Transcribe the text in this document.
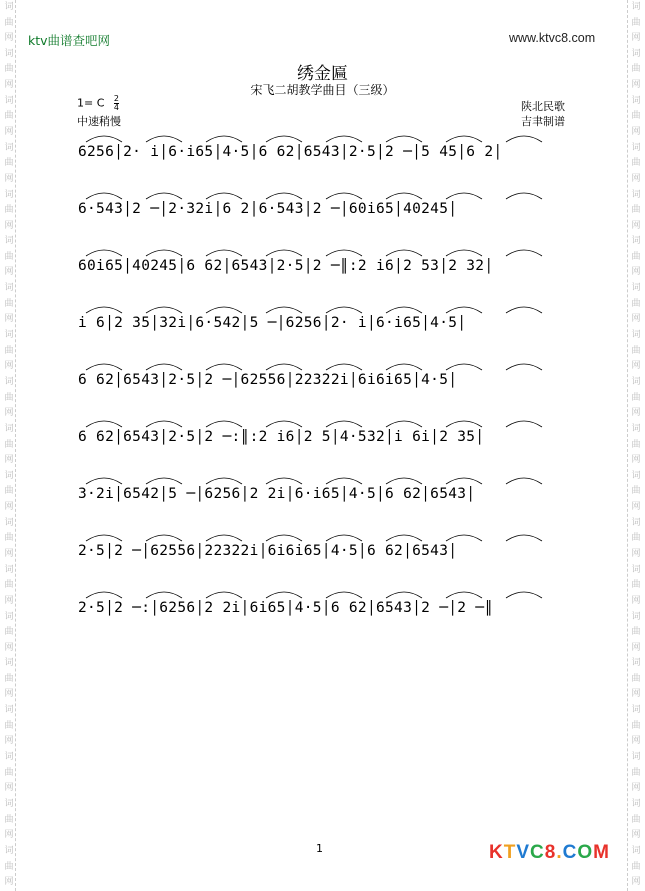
词
曲
网
词
曲
网
词
曲
网
词
曲
网
词
曲
网
词
曲
网
词
曲
网
词
曲
网
词
曲
网
词
曲
网
词
曲
网
词
曲
网
词
曲
网
词
曲
网
词
曲
网
词
曲
网
词
曲
网
词
曲
网
词
曲
网
词
曲
网
词
曲
网
词
曲
网
词
曲
网
词
曲
网
词
曲
网
词
曲
网
词
曲
网
词
曲
网
词
曲
网
词
曲
网
词
曲
网
词
曲
网
词
曲
网
词
曲
网
词
曲
网
词
曲
网
词
曲
网
词
曲
网
ktv曲谱查吧网	www.ktvc8.com
绣金匾
宋飞二胡教学曲目（三级）
1= C $\frac{2}{4}$
中速稍慢
陕北民歌
吉聿制谱
6256│2· i│6·i65│4·5│6 62│6543│2·5│2 ─│5 45│6 2│
6·543│2 ─│2·32i│6 2│6·543│2 ─│60i65│40245│
60i65│40245│6 62│6543│2·5│2 ─║:2 i6│2 53│2 32│
i 6│2 35│32i│6·542│5 ─│6256│2· i│6·i65│4·5│
6 62│6543│2·5│2 ─│62556│22322i│6i6i65│4·5│
6 62│6543│2·5│2 ─:║:2 i6│2 5│4·532│i 6i│2 35│
3·2i│6542│5 ─│6256│2 2i│6·i65│4·5│6 62│6543│
2·5│2 ─│62556│22322i│6i6i65│4·5│6 62│6543│
2·5│2 ─:│6256│2 2i│6i65│4·5│6 62│6543│2 ─│2 ─║
1	KTVC8.COM
